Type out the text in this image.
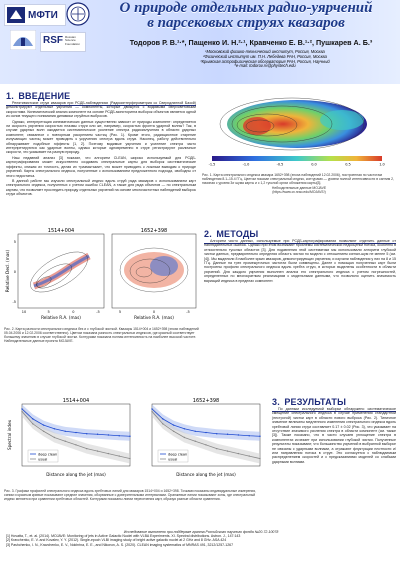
МФТИ
RSF Russian Science Foundation
О природе отдельных радио-уярчений
в парсековых струях квазаров
Тодоров Р. В.¹·*, Пащенко И. Н.²·¹, Кравченко Е. В.¹·², Пушкарев А. Б.³
¹Московский физико-технический институт, Россия, Москва
²Физический институт им. П.Н. Лебедева РАН, Россия, Москва
³Крымская астрофизическая обсерватория РАН, Россия, Научный
*e-mail: todorov.rv@phystech.edu
1. ВВЕДЕНИЕ

Релятивистские струи квазаров при РСДБ-наблюдениях (Радиоинтерферометрия со Сверхдлинной Базой) демонстрируют отдельные уярчения — компоненты, которые движутся с видимыми сверхсветовыми скоростями. Кинематический анализ компонент на основе РСДБ-мониторинга выборок объектов является одной из основ текущего понимания динамики струйных выбросов.

Однако, интерпретация кинематических данных существенно зависит от природы компонент: определяется ли скорость уярчения скоростью плазмы струи или же, например, скоростью фронта ударной волны? Так, в случае ударных волн ожидается систематическое усиление спектра радиоизлучения в области ударных компонент, связанное с повторным ускорением частиц (Рис. 1). Кроме этого, радиационное старение излучающих частиц может приводить к укручению спектра вдоль струи. Наконец, работу действительно обнаруживает подобные эффекты [1, 2]. Поэтому видимые уярчения и усиление спектра часто интерпретируются как ударные волны, однако которые одновременно в струе регистрируют различные скорости, что указывает на разную природу.

Наш недавний анализ [3] показал, что алгоритм CLEAN, широко используемый для РСДБ-картографирования может искусственно создавать спектральные карты для выборок систематические эффекты, снижая их точность, делая их «размытыми», что может приводить к ложным выводам о природе уярчений. Карты спектрального индекса, полученные с использованием предложенного подхода, свободны от этого недостатка.

В данной работе мы изучили спектральный индекс вдоль струй ряда квазаров с использованием карт спектрального индекса, полученных с учетом ошибок CLEAN, а также для ряда объектов — по спектральным картам, что позволяет проследить природу отдельных уярчений на основе многочастотных наблюдений выборок струи объектов.

-1.5	-1.0	-0.5	0.0	0.5	1.0
Рис. 1. Карта спектрального индекса квазара 1652+398 (эпоха наблюдений 12.02.2006), построенная по частотам наблюдения 8.1–15.4 ГГц. Цветом показан спектральный индекс, контурами — уровни полной интенсивности в сантим 2, начиная с уровня 3σ шума карты и с 1,2 тусклой оргии обложения карты[3].
Небходительные данные MOJAVE
(https://www.cv.nrao.edu/MOJAVE/)
1514+004	1652+398
Relative R.A. (mas)	Relative R.A. (mas)
Relative Decl. (mas)
10	5	0	-5	5	0	-5
5
0
-5
Рис. 2. Карта разности спектрального индекса без и с глубокой чисткой. Квазары 1514+004 и 1652+398 (эпохи наблюдений 05.04.2006 и 12.02.2006 соответственно). Цветом показана разность спектральных индексов, где красный соответствует большему значению в случае глубокой чистки. Контурами показана полная интенсивность на наиболее высокой частоте. Наблюдательные данные проекта MOJAVE.
2. МЕТОДЫ

Алгоритм чисто данных, используемые при РСДБ-картографировании позволяют отделить данные от наблюдательных ошибок. Однако при этом возникают проблемы систематической недооценки потока, особенно в относительно тусклых областях [3]. Для подавления этой систематики мы использовали алгоритм глубокой чистки данных, предварительно определяя область чистки по модели с отношением сигнал-шум не менее 5 (см. [4]). Мы выделили 8 наиболее ярких квазаров, демонстрирующих уярчения, и изучили наблюдения у них на 8 и 15 ГГц. Данные на трех промежуточных частотах были совмещены. Далее с помощью полученных карт были построены профили спектрального индекса вдоль хребта струи, в которых выделены особенности в области уярчений. Для каждого уярчения выполнен анализ его спектрального индекса с учетом погрешностей, определенных по многократным реализациям с модельными данными, что позволило оценить значимость вариаций индекса в пределах компонент.

1514+004	1652+398
Distance along the jet (mas)	Distance along the jet (mas)
Spectral index
deep clean
usual
deep clean
usual
Рис. 3. Графики профилей спектрального индекса вдоль хребтовых линий для квазаров 1514+004 и 1652+398. Точками показаны индивидуальные измерения, синим и красным кривые показывают средние значения, оборванные с доверительными интервалами. Оранжевые линии показывают зоны, где спектральный индекс меняется при сравнении хребтовых областей. Контурами показаны линии пересечения карт, образуя разные области сравнения.
3. РЕЗУЛЬТАТЫ

По данным исследуемой выборки обнаружено систематическое смещение спектрального индекса в случае применения стандартной (нестрогой) чистки карт в области нового выброса (Рис. 2). Типичное значение величины медленного изменения спектрального индекса вдоль хребтовой линии струи составляет 0.17 ± 0.02 (Рис. 3), что указывает на отсутствие значимого усиления спектра в области компонент (см. также [3]). Также показано, что в части случаев уплощение спектра в компонентах исчезает при использовании глубокой чистки. Полученные результаты показывают, что большинство уярчений в выбранной выборке не связаны с ударными волнами, а отражают флуктуации плотности и/или направления потока в струе. Это согласуется с наблюдаемым распределением скоростей и с предсказаниями моделей со слабыми ударными волнами.

Исследование выполнено при поддержке гранта Российского научного фонда №20-72-10078
[1] Hovatta, T., et. al. (2014). MOJAVE: Monitoring of jets in Active Galactic Nuclei with VLBA Experiments. XI. Spectral distributions. Astron. J., 147:143
[2] Kravchenko, E. V. and Kovalev, Y. Y. (2012). Single-epoch VLBI imaging study of bright active galactic nuclei at 2 GHz and 8 GHz. ASA 424
[3] Pashchenko, I. N., Kravchenko, E. V., Nokhrina, E. E., and Nikonov, A. S. (2020). CLEAN imaging systematics of MNRAS 491, 3212/1257-1267
